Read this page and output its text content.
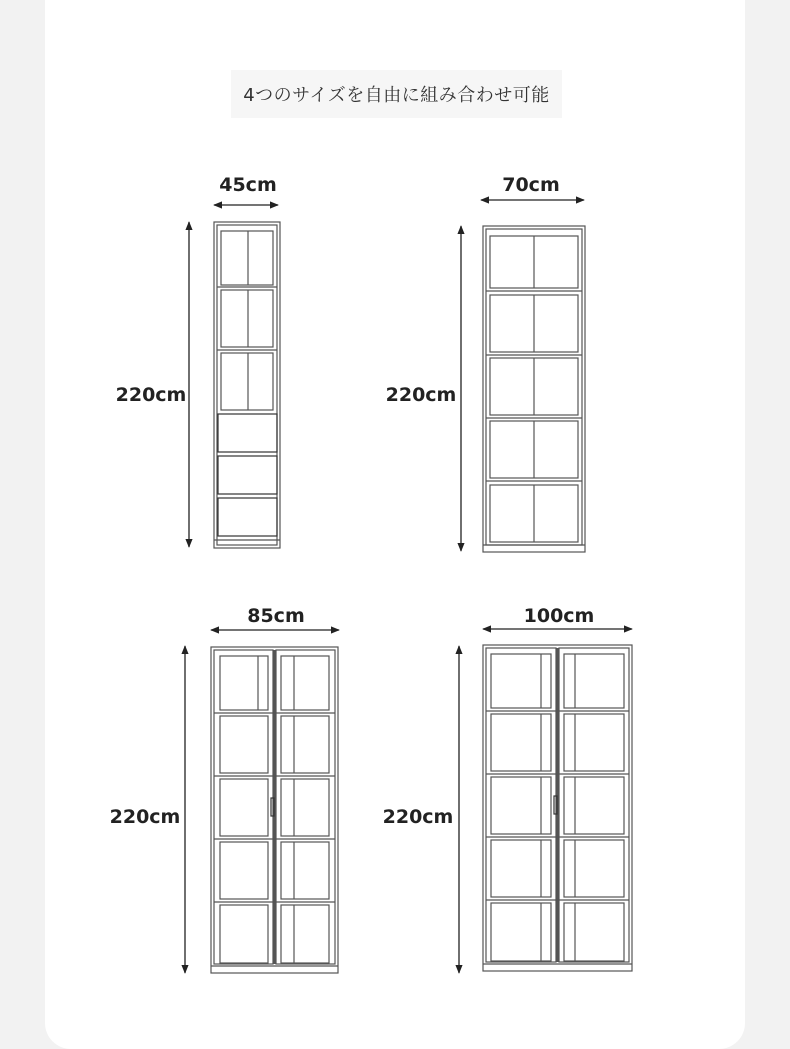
4つのサイズを自由に組み合わせ可能
45cm
220cm
70cm
220cm
85cm
220cm
100cm
220cm
